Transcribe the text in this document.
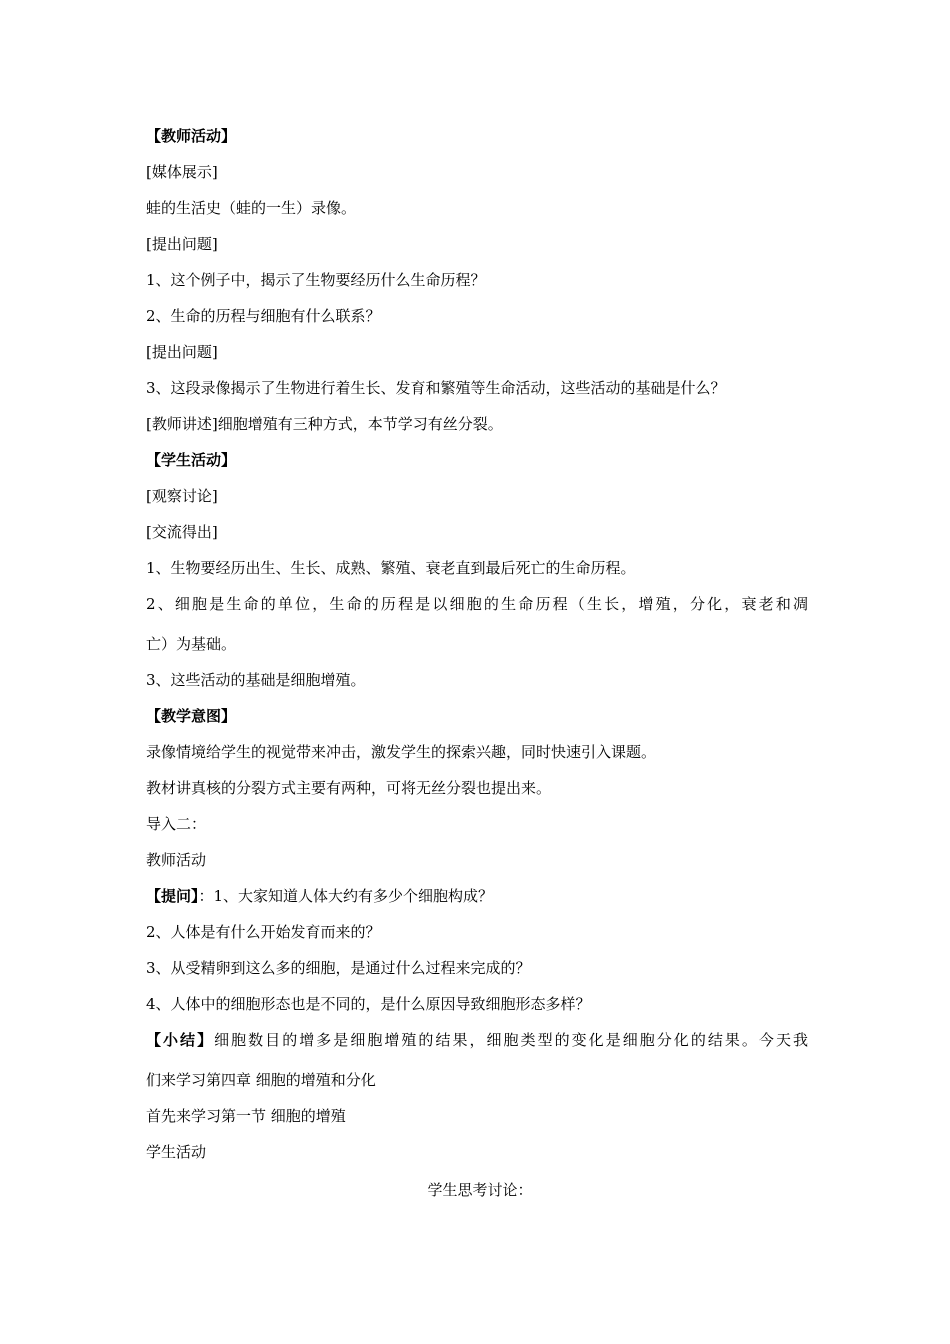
【教师活动】
[媒体展示]
蛙的生活史（蛙的一生）录像。
[提出问题]
1、这个例子中，揭示了生物要经历什么生命历程？
2、生命的历程与细胞有什么联系？
[提出问题]
3、这段录像揭示了生物进行着生长、发育和繁殖等生命活动，这些活动的基础是什么？
[教师讲述]细胞增殖有三种方式，本节学习有丝分裂。
【学生活动】
[观察讨论]
[交流得出]
1、生物要经历出生、生长、成熟、繁殖、衰老直到最后死亡的生命历程。
2、细胞是生命的单位，生命的历程是以细胞的生命历程（生长，增殖，分化，衰老和凋
亡）为基础。
3、这些活动的基础是细胞增殖。
【教学意图】
录像情境给学生的视觉带来冲击，激发学生的探索兴趣，同时快速引入课题。
教材讲真核的分裂方式主要有两种，可将无丝分裂也提出来。
导入二：
教师活动
【提问】：1、大家知道人体大约有多少个细胞构成？
2、人体是有什么开始发育而来的？
3、从受精卵到这么多的细胞，是通过什么过程来完成的？
4、人体中的细胞形态也是不同的，是什么原因导致细胞形态多样？
【小结】细胞数目的增多是细胞增殖的结果，细胞类型的变化是细胞分化的结果。今天我
们来学习第四章 细胞的增殖和分化
首先来学习第一节 细胞的增殖
学生活动
学生思考讨论：
